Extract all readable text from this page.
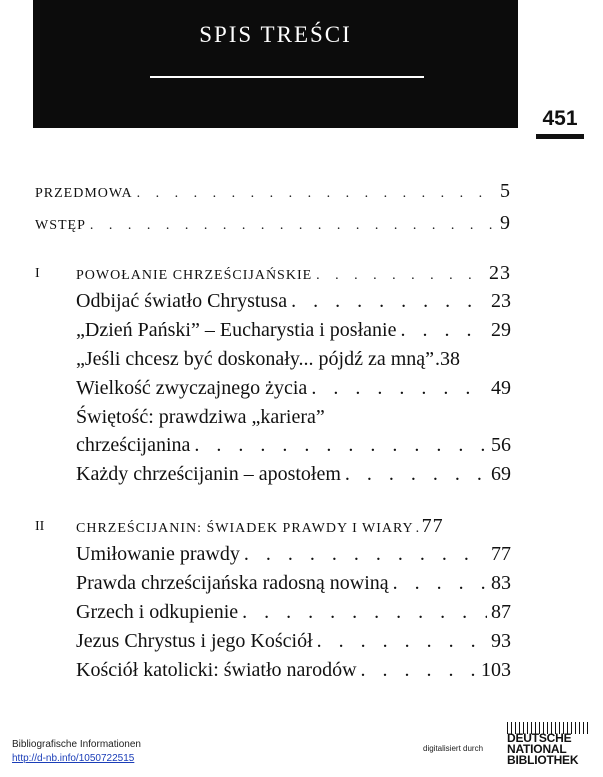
SPIS TREŚCI
451
PRZEDMOWA . . .	5
WSTĘP . . .	9
I	POWOŁANIE CHRZEŚCIJAŃSKIE . . .	23
Odbijać światło Chrystusa . . .	23
„Dzień Pański” – Eucharystia i posłanie . . .	29
„Jeśli chcesz być doskonały... pójdź za mną” . . . 38
Wielkość zwyczajnego życia . . .	49
Świętość: prawdziwa „kariera”
chrześcijanina . . .	56
Każdy chrześcijanin – apostołem . . .	69
II CHRZEŚCIJANIN: ŚWIADEK PRAWDY I WIARY . . . 77
Umiłowanie prawdy . . .	77
Prawda chrześcijańska radosną nowiną . . .	83
Grzech i odkupienie . . .	87
Jezus Chrystus i jego Kościół . . .	93
Kościół katolicki: światło narodów . . .	103
Bibliografische Informationen
http://d-nb.info/1050722515
digitalisiert durch
DEUTSCHE
NATIONAL
BIBLIOTHEK
